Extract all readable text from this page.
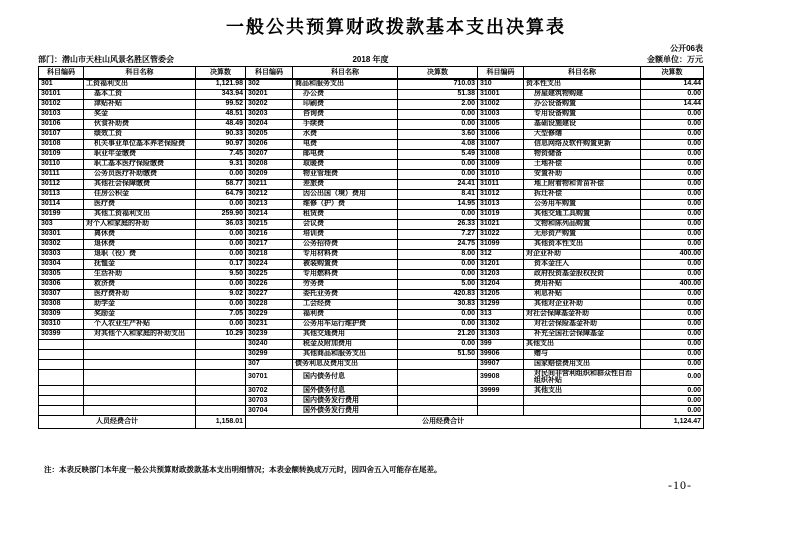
一般公共预算财政拨款基本支出决算表
公开06表
部门：潜山市天柱山风景名胜区管委会	2018 年度	金额单位：万元
科目编码	科目名称	决算数	科目编码	科目名称	决算数	科目编码	科目名称	决算数
301	工资福利支出	1,121.98	302	商品和服务支出	710.03	310	资本性支出	14.44
30101	基本工资	343.94	30201	办公费	51.38	31001	房屋建筑物购建	0.00
30102	津贴补贴	99.52	30202	印刷费	2.00	31002	办公设备购置	14.44
30103	奖金	48.51	30203	咨询费	0.00	31003	专用设备购置	0.00
30106	伙食补助费	48.49	30204	手续费	0.00	31005	基础设施建设	0.00
30107	绩效工资	90.33	30205	水费	3.60	31006	大型修缮	0.00
30108	机关事业单位基本养老保险费	90.97	30206	电费	4.08	31007	信息网络及软件购置更新	0.00
30109	职业年金缴费	7.45	30207	邮电费	5.49	31008	物资储备	0.00
30110	职工基本医疗保险缴费	9.31	30208	取暖费	0.00	31009	土地补偿	0.00
30111	公务员医疗补助缴费	0.00	30209	物业管理费	0.00	31010	安置补助	0.00
30112	其他社会保障缴费	58.77	30211	差旅费	24.41	31011	地上附着物和青苗补偿	0.00
30113	住房公积金	64.79	30212	因公出国（境）费用	8.41	31012	拆迁补偿	0.00
30114	医疗费	0.00	30213	维修（护）费	14.95	31013	公务用车购置	0.00
30199	其他工资福利支出	259.90	30214	租赁费	0.00	31019	其他交通工具购置	0.00
303	对个人和家庭的补助	36.03	30215	会议费	26.33	31021	文物和陈列品购置	0.00
30301	离休费	0.00	30216	培训费	7.27	31022	无形资产购置	0.00
30302	退休费	0.00	30217	公务招待费	24.75	31099	其他资本性支出	0.00
30303	退职（役）费	0.00	30218	专用材料费	8.00	312	对企业补助	400.00
30304	抚恤金	0.17	30224	被装购置费	0.00	31201	资本金注入	0.00
30305	生活补助	9.50	30225	专用燃料费	0.00	31203	政府投资基金股权投资	0.00
30306	救济费	0.00	30226	劳务费	5.00	31204	费用补贴	400.00
30307	医疗费补助	9.02	30227	委托业务费	420.83	31205	利息补贴	0.00
30308	助学金	0.00	30228	工会经费	30.83	31299	其他对企业补助	0.00
30309	奖励金	7.05	30229	福利费	0.00	313	对社会保障基金补助	0.00
30310	个人农业生产补贴	0.00	30231	公务用车运行维护费	0.00	31302	对社会保险基金补助	0.00
30399	对其他个人和家庭的补助支出	10.29	30239	其他交通费用	21.20	31303	补充全国社会保障基金	0.00
			30240	税金及附加费用	0.00	399	其他支出	0.00
			30299	其他商品和服务支出	51.50	39906	赠与	0.00
			307	债务利息及费用支出		39907	国家赔偿费用支出	0.00
			30701	国内债务付息		39908	对民间非营利组织和群众性自治组织补贴	0.00
			30702	国外债务付息		39999	其他支出	0.00
			30703	国内债务发行费用				0.00
			30704	国外债务发行费用				0.00
人员经费合计		1,158.01	公用经费合计					1,124.47
注：本表反映部门本年度一般公共预算财政拨款基本支出明细情况；本表金额转换成万元时，因四舍五入可能存在尾差。
-10-
